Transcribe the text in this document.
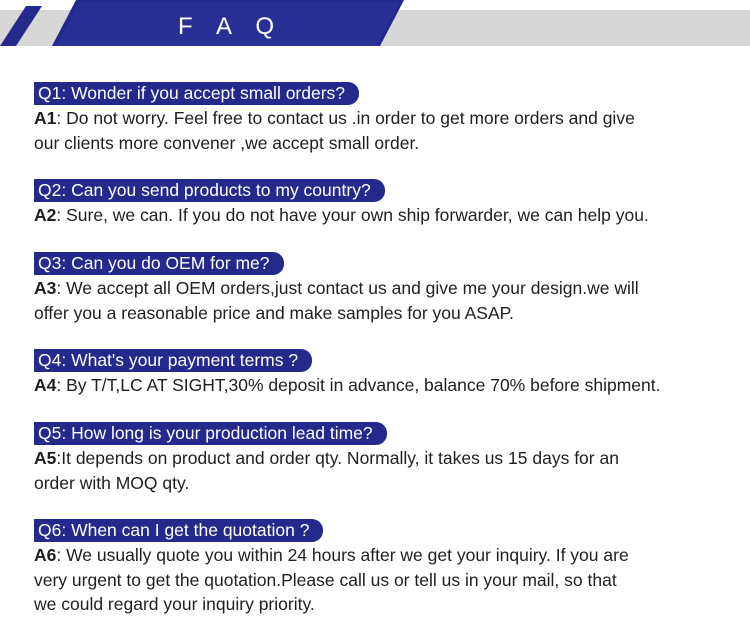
F A Q
Q1: Wonder if you accept small orders?
A1: Do not worry. Feel free to contact us .in order to get more orders and give
our clients more convener ,we accept small order.
Q2: Can you send products to my country?
A2: Sure, we can. If you do not have your own ship forwarder, we can help you.
Q3: Can you do OEM for me?
A3: We accept all OEM orders,just contact us and give me your design.we will
offer you a reasonable price and make samples for you ASAP.
Q4: What's your payment terms ?
A4: By T/T,LC AT SIGHT,30% deposit in advance, balance 70% before shipment.
Q5: How long is your production lead time?
A5:It depends on product and order qty. Normally, it takes us 15 days for an
order with MOQ qty.
Q6: When can I get the quotation ?
A6: We usually quote you within 24 hours after we get your inquiry. If you are
very urgent to get the quotation.Please call us or tell us in your mail, so that
we could regard your inquiry priority.
